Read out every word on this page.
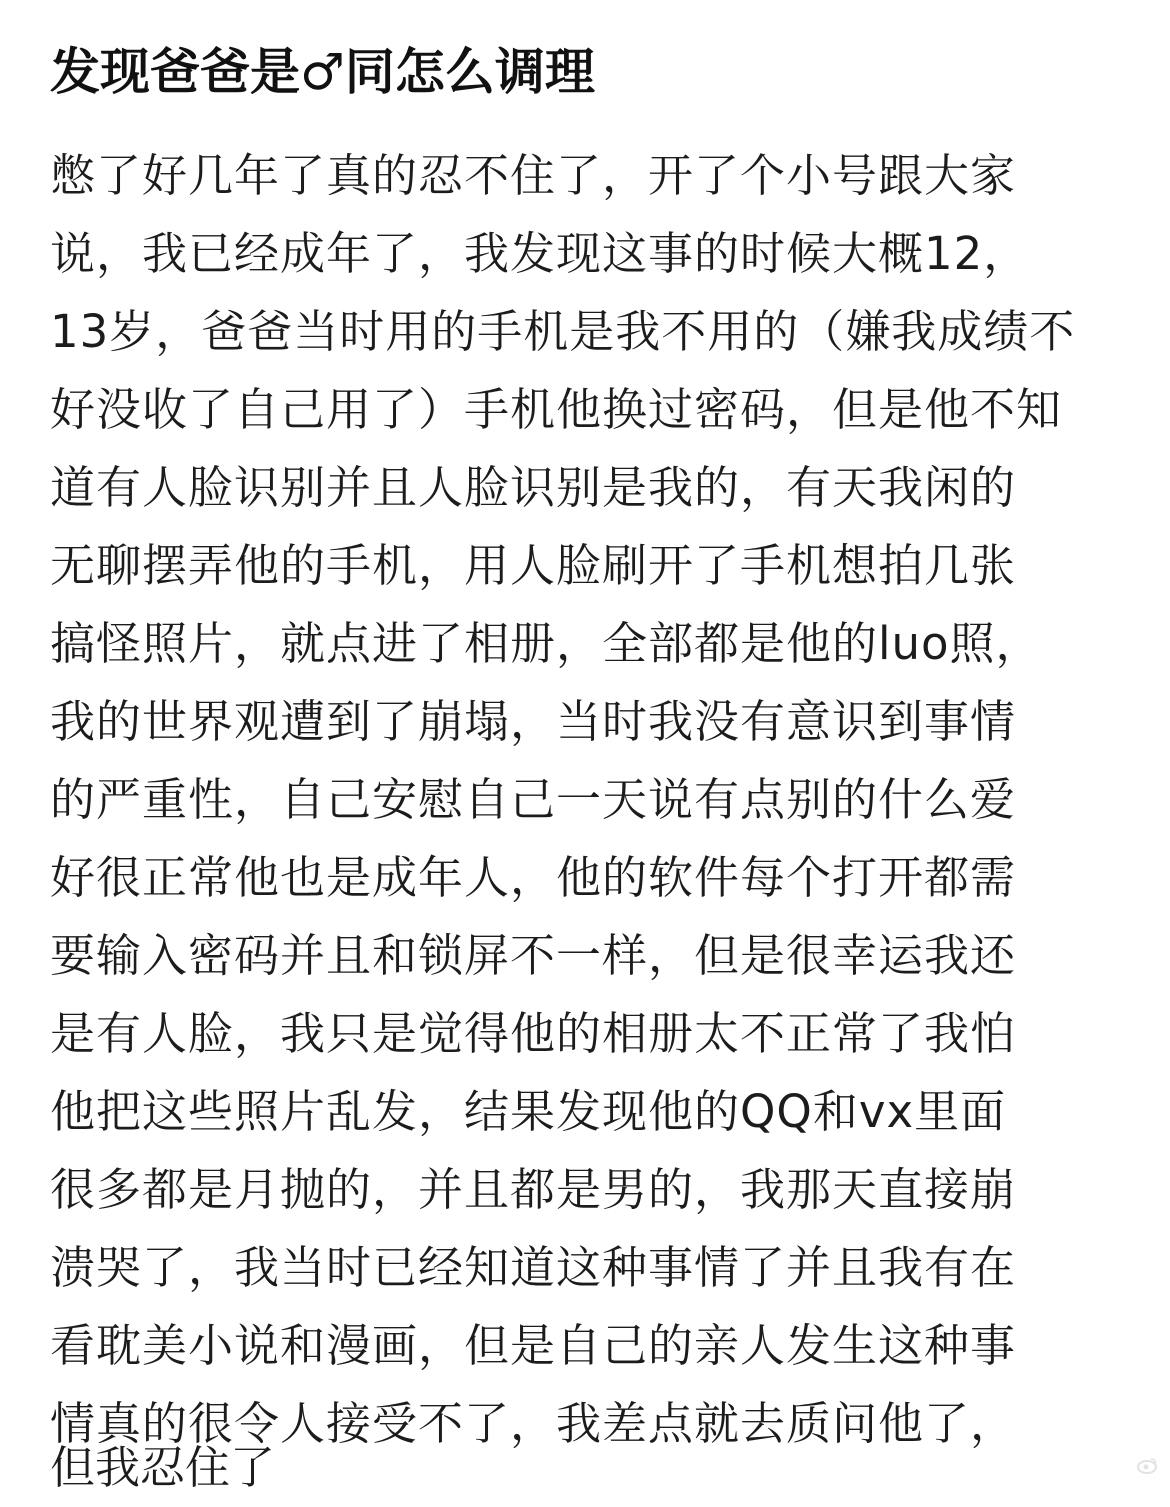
发现爸爸是♂同怎么调理
憋了好几年了真的忍不住了，开了个小号跟大家
说，我已经成年了，我发现这事的时候大概12，
13岁，爸爸当时用的手机是我不用的（嫌我成绩不
好没收了自己用了）手机他换过密码，但是他不知
道有人脸识别并且人脸识别是我的，有天我闲的
无聊摆弄他的手机，用人脸刷开了手机想拍几张
搞怪照片，就点进了相册，全部都是他的luo照，
我的世界观遭到了崩塌，当时我没有意识到事情
的严重性，自己安慰自己一天说有点别的什么爱
好很正常他也是成年人，他的软件每个打开都需
要输入密码并且和锁屏不一样，但是很幸运我还
是有人脸，我只是觉得他的相册太不正常了我怕
他把这些照片乱发，结果发现他的QQ和vx里面
很多都是月抛的，并且都是男的，我那天直接崩
溃哭了，我当时已经知道这种事情了并且我有在
看耽美小说和漫画，但是自己的亲人发生这种事
情真的很令人接受不了，我差点就去质问他了，
但我忍住了
